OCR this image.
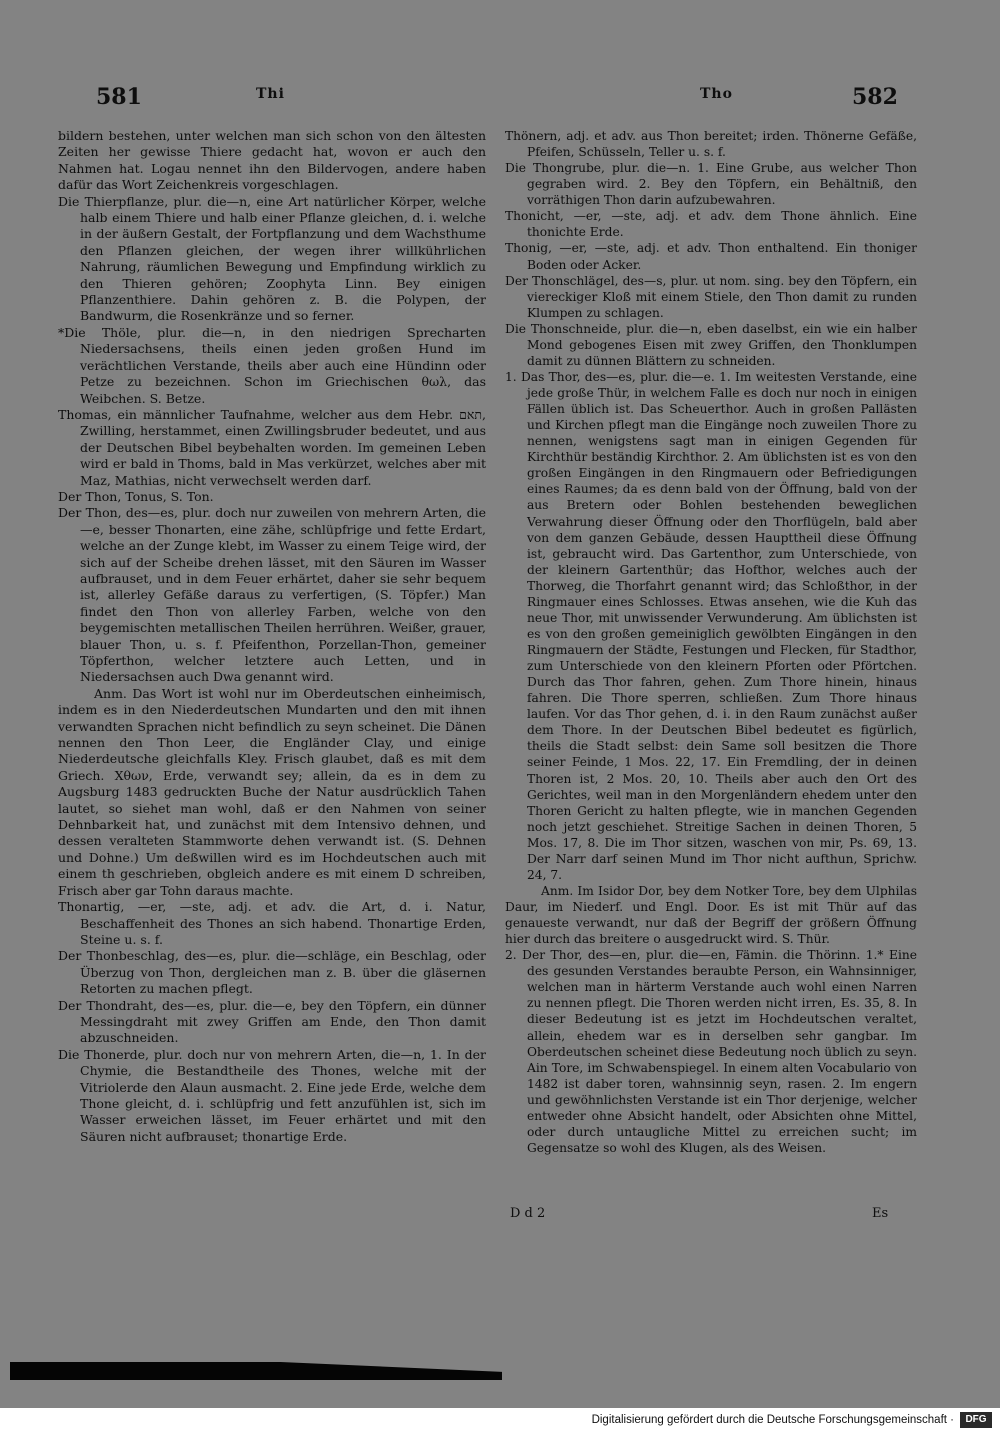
581	Thi	Tho	582

bildern bestehen, unter welchen man sich schon von den ältesten Zeiten her gewisse Thiere gedacht hat, wovon er auch den Nahmen hat. Logau nennet ihn den Bildervogen, andere haben dafür das Wort Zeichenkreis vorgeschlagen.

Die Thierpflanze, plur. die—n, eine Art natürlicher Körper, welche halb einem Thiere und halb einer Pflanze gleichen, d. i. welche in der äußern Gestalt, der Fortpflanzung und dem Wachsthume den Pflanzen gleichen, der wegen ihrer willkührlichen Nahrung, räumlichen Bewegung und Empfindung wirklich zu den Thieren gehören; Zoophyta Linn. Bey einigen Pflanzenthiere. Dahin gehören z. B. die Polypen, der Bandwurm, die Rosenkränze und so ferner.

*Die Thöle, plur. die—n, in den niedrigen Sprecharten Niedersachsens, theils einen jeden großen Hund im verächtlichen Verstande, theils aber auch eine Hündinn oder Petze zu bezeichnen. Schon im Griechischen θωλ, das Weibchen. S. Betze.

Thomas, ein männlicher Taufnahme, welcher aus dem Hebr. תאם, Zwilling, herstammet, einen Zwillingsbruder bedeutet, und aus der Deutschen Bibel beybehalten worden. Im gemeinen Leben wird er bald in Thoms, bald in Mas verkürzet, welches aber mit Maz, Mathias, nicht verwechselt werden darf.

Der Thon, Tonus, S. Ton.

Der Thon, des—es, plur. doch nur zuweilen von mehrern Arten, die—e, besser Thonarten, eine zähe, schlüpfrige und fette Erdart, welche an der Zunge klebt, im Wasser zu einem Teige wird, der sich auf der Scheibe drehen lässet, mit den Säuren im Wasser aufbrauset, und in dem Feuer erhärtet, daher sie sehr bequem ist, allerley Gefäße daraus zu verfertigen, (S. Töpfer.) Man findet den Thon von allerley Farben, welche von den beygemischten metallischen Theilen herrühren. Weißer, grauer, blauer Thon, u. s. f. Pfeifenthon, Porzellan-Thon, gemeiner Töpferthon, welcher letztere auch Letten, und in Niedersachsen auch Dwa genannt wird.

Anm. Das Wort ist wohl nur im Oberdeutschen einheimisch, indem es in den Niederdeutschen Mundarten und den mit ihnen verwandten Sprachen nicht befindlich zu seyn scheinet. Die Dänen nennen den Thon Leer, die Engländer Clay, und einige Niederdeutsche gleichfalls Kley. Frisch glaubet, daß es mit dem Griech. Χθων, Erde, verwandt sey; allein, da es in dem zu Augsburg 1483 gedruckten Buche der Natur ausdrücklich Tahen lautet, so siehet man wohl, daß er den Nahmen von seiner Dehnbarkeit hat, und zunächst mit dem Intensivo dehnen, und dessen veralteten Stammworte dehen verwandt ist. (S. Dehnen und Dohne.) Um deßwillen wird es im Hochdeutschen auch mit einem th geschrieben, obgleich andere es mit einem D schreiben, Frisch aber gar Tohn daraus machte.

Thonartig, —er, —ste, adj. et adv. die Art, d. i. Natur, Beschaffenheit des Thones an sich habend. Thonartige Erden, Steine u. s. f.

Der Thonbeschlag, des—es, plur. die—schläge, ein Beschlag, oder Überzug von Thon, dergleichen man z. B. über die gläsernen Retorten zu machen pflegt.

Der Thondraht, des—es, plur. die—e, bey den Töpfern, ein dünner Messingdraht mit zwey Griffen am Ende, den Thon damit abzuschneiden.

Die Thonerde, plur. doch nur von mehrern Arten, die—n, 1. In der Chymie, die Bestandtheile des Thones, welche mit der Vitriolerde den Alaun ausmacht. 2. Eine jede Erde, welche dem Thone gleicht, d. i. schlüpfrig und fett anzufühlen ist, sich im Wasser erweichen lässet, im Feuer erhärtet und mit den Säuren nicht aufbrauset; thonartige Erde.

Thönern, adj. et adv. aus Thon bereitet; irden. Thönerne Gefäße, Pfeifen, Schüsseln, Teller u. s. f.

Die Thongrube, plur. die—n. 1. Eine Grube, aus welcher Thon gegraben wird. 2. Bey den Töpfern, ein Behältniß, den vorräthigen Thon darin aufzubewahren.

Thonicht, —er, —ste, adj. et adv. dem Thone ähnlich. Eine thonichte Erde.

Thonig, —er, —ste, adj. et adv. Thon enthaltend. Ein thoniger Boden oder Acker.

Der Thonschlägel, des—s, plur. ut nom. sing. bey den Töpfern, ein viereckiger Kloß mit einem Stiele, den Thon damit zu runden Klumpen zu schlagen.

Die Thonschneide, plur. die—n, eben daselbst, ein wie ein halber Mond gebogenes Eisen mit zwey Griffen, den Thonklumpen damit zu dünnen Blättern zu schneiden.

1. Das Thor, des—es, plur. die—e. 1. Im weitesten Verstande, eine jede große Thür, in welchem Falle es doch nur noch in einigen Fällen üblich ist. Das Scheuerthor. Auch in großen Pallästen und Kirchen pflegt man die Eingänge noch zuweilen Thore zu nennen, wenigstens sagt man in einigen Gegenden für Kirchthür beständig Kirchthor. 2. Am üblichsten ist es von den großen Eingängen in den Ringmauern oder Befriedigungen eines Raumes; da es denn bald von der Öffnung, bald von der aus Bretern oder Bohlen bestehenden beweglichen Verwahrung dieser Öffnung oder den Thorflügeln, bald aber von dem ganzen Gebäude, dessen Haupttheil diese Öffnung ist, gebraucht wird. Das Gartenthor, zum Unterschiede, von der kleinern Gartenthür; das Hofthor, welches auch der Thorweg, die Thorfahrt genannt wird; das Schloßthor, in der Ringmauer eines Schlosses. Etwas ansehen, wie die Kuh das neue Thor, mit unwissender Verwunderung. Am üblichsten ist es von den großen gemeiniglich gewölbten Eingängen in den Ringmauern der Städte, Festungen und Flecken, für Stadthor, zum Unterschiede von den kleinern Pforten oder Pförtchen. Durch das Thor fahren, gehen. Zum Thore hinein, hinaus fahren. Die Thore sperren, schließen. Zum Thore hinaus laufen. Vor das Thor gehen, d. i. in den Raum zunächst außer dem Thore. In der Deutschen Bibel bedeutet es figürlich, theils die Stadt selbst: dein Same soll besitzen die Thore seiner Feinde, 1 Mos. 22, 17. Ein Fremdling, der in deinen Thoren ist, 2 Mos. 20, 10. Theils aber auch den Ort des Gerichtes, weil man in den Morgenländern ehedem unter den Thoren Gericht zu halten pflegte, wie in manchen Gegenden noch jetzt geschiehet. Streitige Sachen in deinen Thoren, 5 Mos. 17, 8. Die im Thor sitzen, waschen von mir, Ps. 69, 13. Der Narr darf seinen Mund im Thor nicht aufthun, Sprichw. 24, 7.

Anm. Im Isidor Dor, bey dem Notker Tore, bey dem Ulphilas Daur, im Niederf. und Engl. Door. Es ist mit Thür auf das genaueste verwandt, nur daß der Begriff der größern Öffnung hier durch das breitere o ausgedruckt wird. S. Thür.

2. Der Thor, des—en, plur. die—en, Fämin. die Thörinn. 1.* Eine des gesunden Verstandes beraubte Person, ein Wahnsinniger, welchen man in härterm Verstande auch wohl einen Narren zu nennen pflegt. Die Thoren werden nicht irren, Es. 35, 8. In dieser Bedeutung ist es jetzt im Hochdeutschen veraltet, allein, ehedem war es in derselben sehr gangbar. Im Oberdeutschen scheinet diese Bedeutung noch üblich zu seyn. Ain Tore, im Schwabenspiegel. In einem alten Vocabulario von 1482 ist daber toren, wahnsinnig seyn, rasen. 2. Im engern und gewöhnlichsten Verstande ist ein Thor derjenige, welcher entweder ohne Absicht handelt, oder Absichten ohne Mittel, oder durch untaugliche Mittel zu erreichen sucht; im Gegensatze so wohl des Klugen, als des Weisen.

D d 2	Es
Digitalisierung gefördert durch die Deutsche Forschungsgemeinschaft ·	DFG
